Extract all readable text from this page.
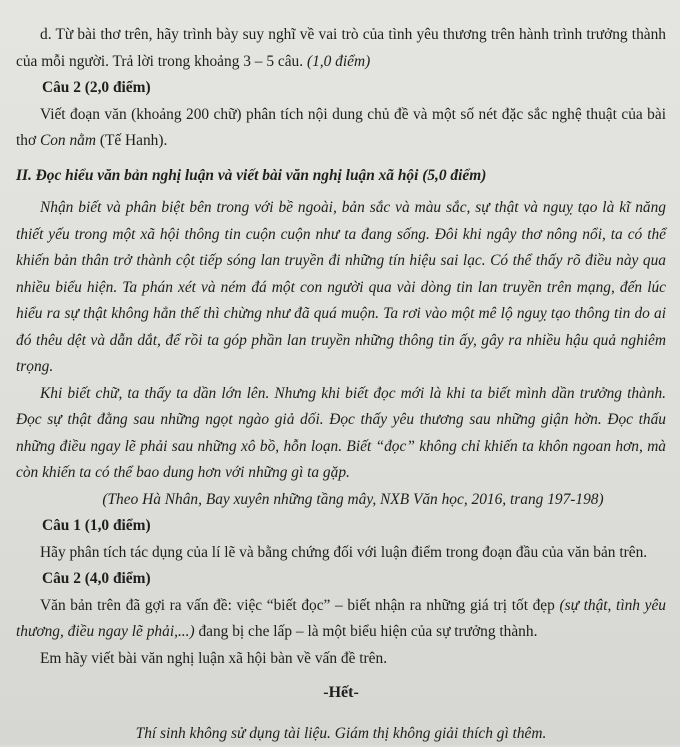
d. Từ bài thơ trên, hãy trình bày suy nghĩ về vai trò của tình yêu thương trên hành trình trưởng thành của mỗi người. Trả lời trong khoảng 3 – 5 câu. (1,0 điểm)

Câu 2 (2,0 điểm)

Viết đoạn văn (khoảng 200 chữ) phân tích nội dung chủ đề và một số nét đặc sắc nghệ thuật của bài thơ Con nằm (Tế Hanh).

II. Đọc hiểu văn bản nghị luận và viết bài văn nghị luận xã hội (5,0 điểm)

Nhận biết và phân biệt bên trong với bề ngoài, bản sắc và màu sắc, sự thật và nguỵ tạo là kĩ năng thiết yếu trong một xã hội thông tin cuộn cuộn như ta đang sống. Đôi khi ngây thơ nông nổi, ta có thể khiến bản thân trở thành cột tiếp sóng lan truyền đi những tín hiệu sai lạc. Có thể thấy rõ điều này qua nhiều biểu hiện. Ta phán xét và ném đá một con người qua vài dòng tin lan truyền trên mạng, đến lúc hiểu ra sự thật không hẳn thế thì chừng như đã quá muộn. Ta rơi vào một mê lộ nguỵ tạo thông tin do ai đó thêu dệt và dẫn dắt, để rồi ta góp phần lan truyền những thông tin ấy, gây ra nhiều hậu quả nghiêm trọng.

Khi biết chữ, ta thấy ta dần lớn lên. Nhưng khi biết đọc mới là khi ta biết mình dần trưởng thành. Đọc sự thật đằng sau những ngọt ngào giả dối. Đọc thấy yêu thương sau những giận hờn. Đọc thấu những điều ngay lẽ phải sau những xô bồ, hỗn loạn. Biết “đọc” không chỉ khiến ta khôn ngoan hơn, mà còn khiến ta có thể bao dung hơn với những gì ta gặp.

(Theo Hà Nhân, Bay xuyên những tầng mây, NXB Văn học, 2016, trang 197-198)

Câu 1 (1,0 điểm)

Hãy phân tích tác dụng của lí lẽ và bằng chứng đối với luận điểm trong đoạn đầu của văn bản trên.

Câu 2 (4,0 điểm)

Văn bản trên đã gợi ra vấn đề: việc “biết đọc” – biết nhận ra những giá trị tốt đẹp (sự thật, tình yêu thương, điều ngay lẽ phải,...) đang bị che lấp – là một biểu hiện của sự trưởng thành.

Em hãy viết bài văn nghị luận xã hội bàn về vấn đề trên.

-Hết-

Thí sinh không sử dụng tài liệu. Giám thị không giải thích gì thêm.
